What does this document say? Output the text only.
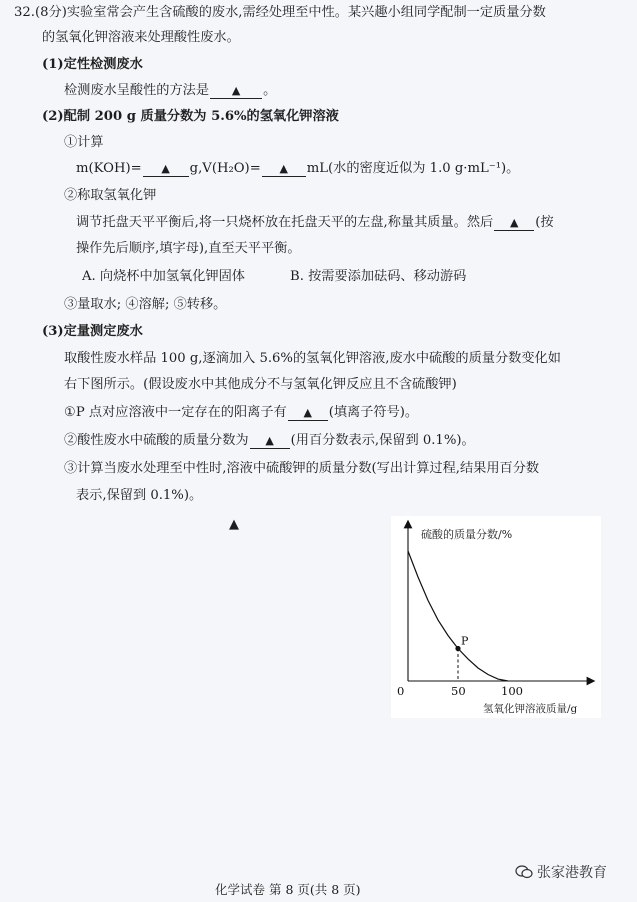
32.(8分)实验室常会产生含硫酸的废水,需经处理至中性。某兴趣小组同学配制一定质量分数
的氢氧化钾溶液来处理酸性废水。
(1)定性检测废水
检测废水呈酸性的方法是 ▲ 。
(2)配制 200 g 质量分数为 5.6%的氢氧化钾溶液
①计算
m(KOH)= ▲ g,V(H₂O)= ▲ mL(水的密度近似为 1.0 g·mL⁻¹)。
②称取氢氧化钾
调节托盘天平平衡后,将一只烧杯放在托盘天平的左盘,称量其质量。然后 ▲ (按
操作先后顺序,填字母),直至天平平衡。
A. 向烧杯中加氢氧化钾固体	B. 按需要添加砝码、移动游码
③量取水; ④溶解; ⑤转移。
(3)定量测定废水
取酸性废水样品 100 g,逐滴加入 5.6%的氢氧化钾溶液,废水中硫酸的质量分数变化如
右下图所示。(假设废水中其他成分不与氢氧化钾反应且不含硫酸钾)
①P 点对应溶液中一定存在的阳离子有 ▲ (填离子符号)。
②酸性废水中硫酸的质量分数为 ▲ (用百分数表示,保留到 0.1%)。
③计算当废水处理至中性时,溶液中硫酸钾的质量分数(写出计算过程,结果用百分数
表示,保留到 0.1%)。
▲
硫酸的质量分数/%
氢氧化钾溶液质量/g
0	50	100
P
张家港教育
化学试卷 第 8 页(共 8 页)
